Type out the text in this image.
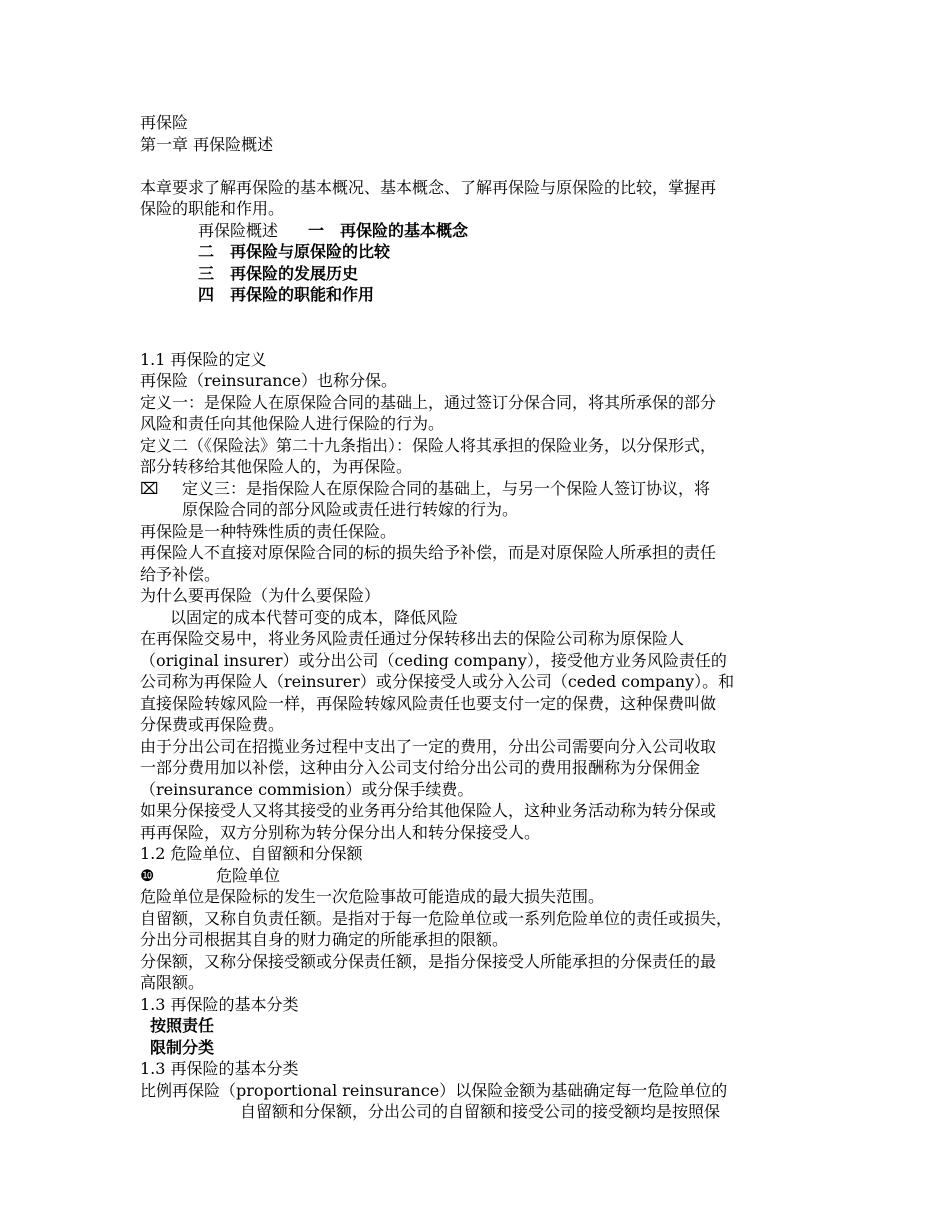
再保险
第一章 再保险概述
本章要求了解再保险的基本概况、基本概念、了解再保险与原保险的比较，掌握再
保险的职能和作用。
再保险概述 一　再保险的基本概念
二　再保险与原保险的比较
三　再保险的发展历史
四　再保险的职能和作用
1.1 再保险的定义
再保险（reinsurance）也称分保。
定义一：是保险人在原保险合同的基础上，通过签订分保合同，将其所承保的部分
风险和责任向其他保险人进行保险的行为。
定义二（《保险法》第二十九条指出）：保险人将其承担的保险业务，以分保形式，
部分转移给其他保险人的，为再保险。
⌧ 定义三：是指保险人在原保险合同的基础上，与另一个保险人签订协议，将
原保险合同的部分风险或责任进行转嫁的行为。
再保险是一种特殊性质的责任保险。
再保险人不直接对原保险合同的标的损失给予补偿，而是对原保险人所承担的责任
给予补偿。
为什么要再保险（为什么要保险）
以固定的成本代替可变的成本，降低风险
在再保险交易中，将业务风险责任通过分保转移出去的保险公司称为原保险人
（original insurer）或分出公司（ceding company），接受他方业务风险责任的
公司称为再保险人（reinsurer）或分保接受人或分入公司（ceded company）。和
直接保险转嫁风险一样，再保险转嫁风险责任也要支付一定的保费，这种保费叫做
分保费或再保险费。
由于分出公司在招揽业务过程中支出了一定的费用，分出公司需要向分入公司收取
一部分费用加以补偿，这种由分入公司支付给分出公司的费用报酬称为分保佣金
（reinsurance commision）或分保手续费。
如果分保接受人又将其接受的业务再分给其他保险人，这种业务活动称为转分保或
再再保险，双方分别称为转分保分出人和转分保接受人。
1.2 危险单位、自留额和分保额
❿	危险单位
危险单位是保险标的发生一次危险事故可能造成的最大损失范围。
自留额，又称自负责任额。是指对于每一危险单位或一系列危险单位的责任或损失，
分出分司根据其自身的财力确定的所能承担的限额。
分保额，又称分保接受额或分保责任额，是指分保接受人所能承担的分保责任的最
高限额。
1.3 再保险的基本分类
按照责任
限制分类
1.3 再保险的基本分类
比例再保险（proportional reinsurance）以保险金额为基础确定每一危险单位的
自留额和分保额，分出公司的自留额和接受公司的接受额均是按照保
